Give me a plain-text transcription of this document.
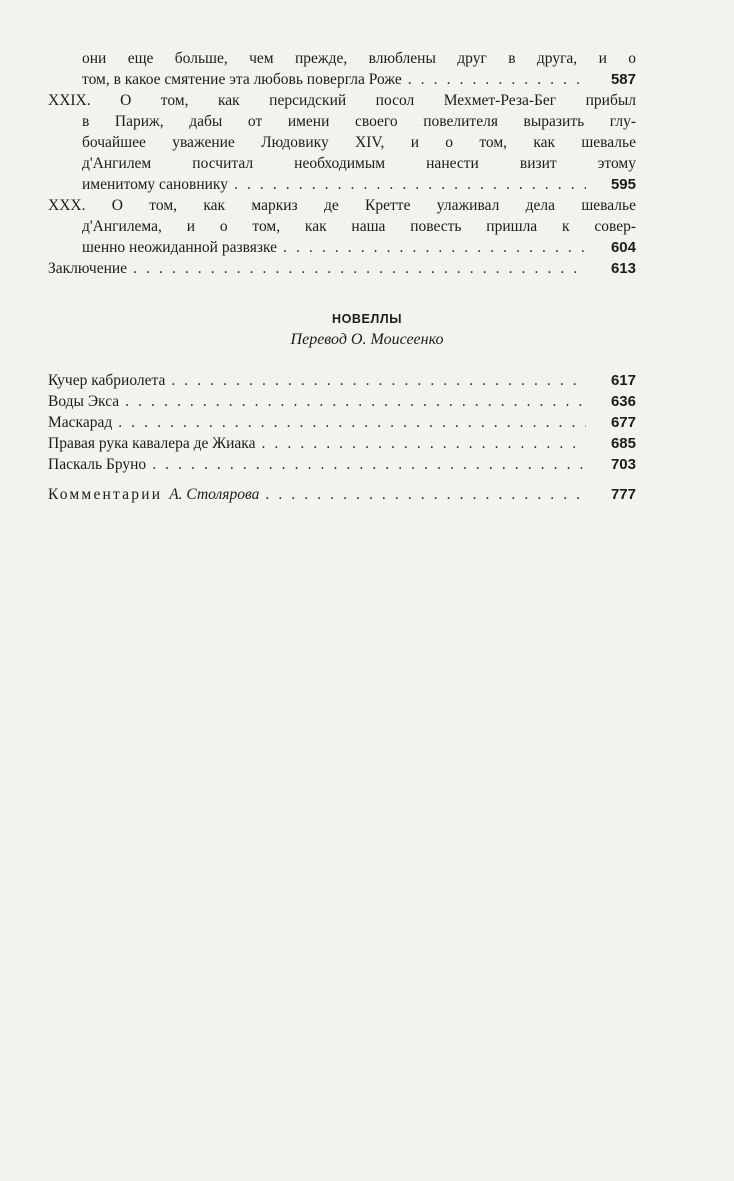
они еще больше, чем прежде, влюблены друг в друга, и о
том, в какое смятение эта любовь повергла Роже . . .	587
XXIX. О том, как персидский посол Мехмет-Реза-Бег прибыл
в Париж, дабы от имени своего повелителя выразить глу-
бочайшее уважение Людовику XIV, и о том, как шевалье
д'Ангилем посчитал необходимым нанести визит этому
именитому сановнику . . .	595
XXX. О том, как маркиз де Кретте улаживал дела шевалье
д'Ангилема, и о том, как наша повесть пришла к совер-
шенно неожиданной развязке . . .	604
Заключение . . .	613
НОВЕЛЛЫ
Перевод О. Моисеенко
Кучер кабриолета . . .	617
Воды Экса . . .	636
Маскарад . . .	677
Правая рука кавалера де Жиака . . .	685
Паскаль Бруно . . .	703
Комментарии А. Столярова . . .	777
